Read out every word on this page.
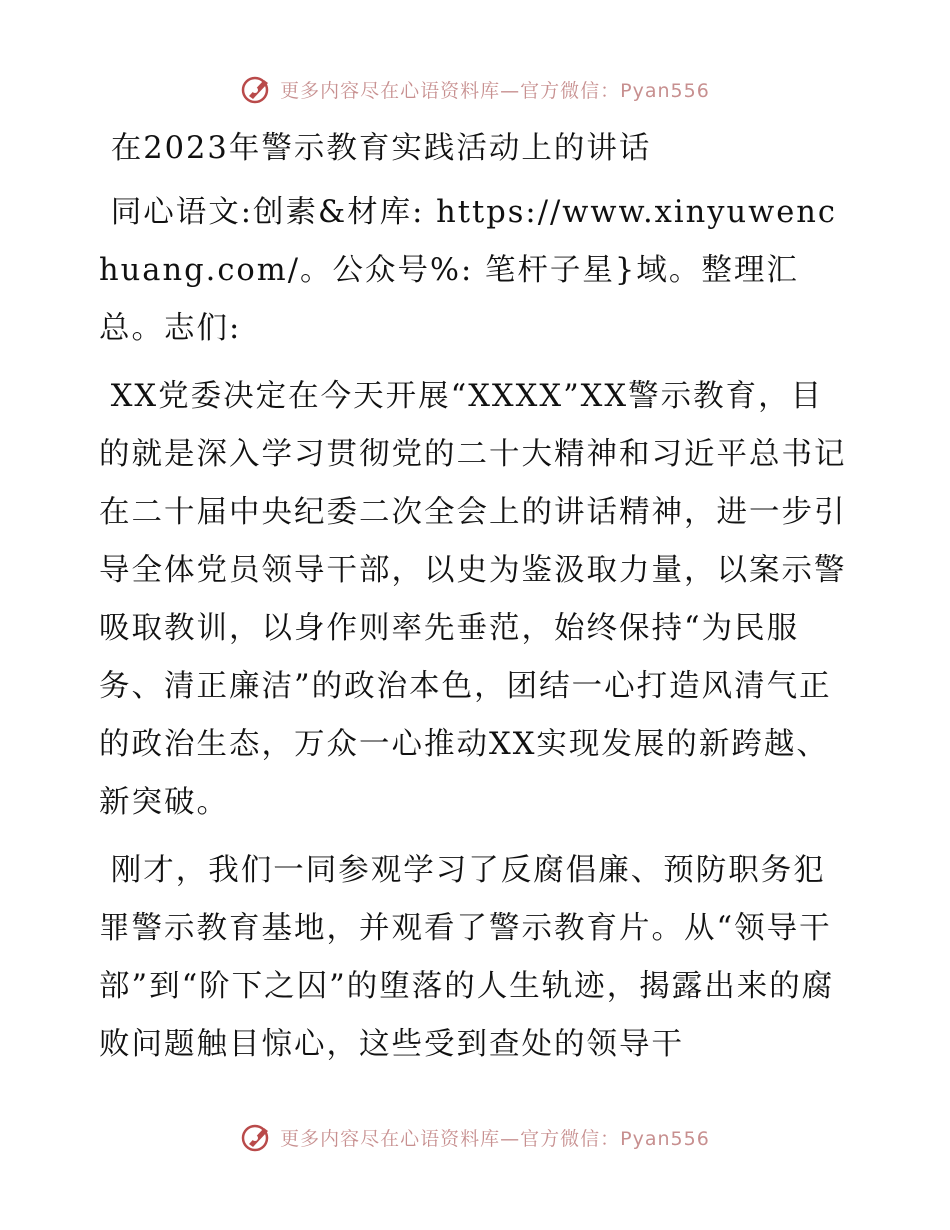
更多内容尽在心语资料库—官方微信：Pyan556

在2023年警示教育实践活动上的讲话

同心语文:创素&材库: https://www.xinyuwenchuang.com/。公众号%: 笔杆子星}域。整理汇总。志们:

XX党委决定在今天开展“XXXX”XX警示教育，目的就是深入学习贯彻党的二十大精神和习近平总书记在二十届中央纪委二次全会上的讲话精神，进一步引导全体党员领导干部，以史为鉴汲取力量，以案示警吸取教训，以身作则率先垂范，始终保持“为民服务、清正廉洁”的政治本色，团结一心打造风清气正的政治生态，万众一心推动XX实现发展的新跨越、新突破。

刚才，我们一同参观学习了反腐倡廉、预防职务犯罪警示教育基地，并观看了警示教育片。从“领导干部”到“阶下之囚”的堕落的人生轨迹，揭露出来的腐败问题触目惊心，这些受到查处的领导干

更多内容尽在心语资料库—官方微信：Pyan556
